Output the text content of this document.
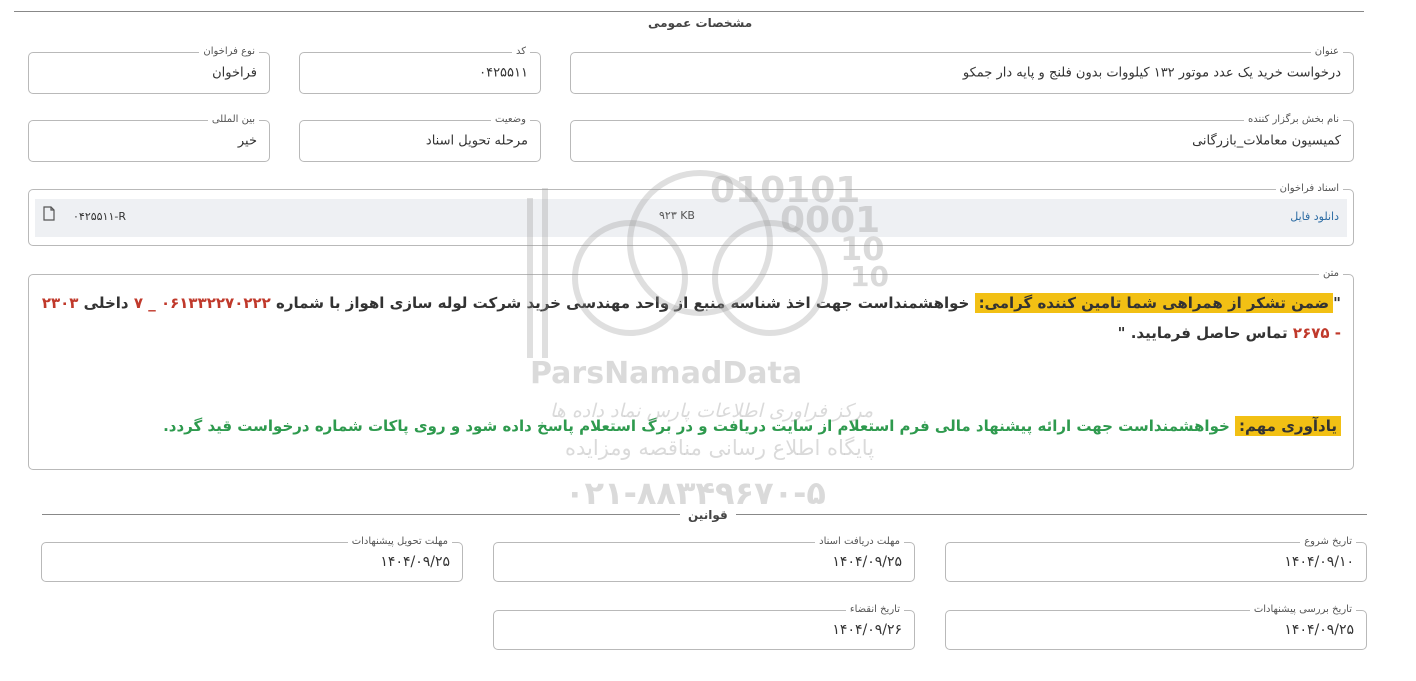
مشخصات عمومی
عنوان
درخواست خرید یک عدد موتور ۱۳۲ کیلووات بدون فلنج و پایه دار جمکو
کد
۰۴۲۵۵۱۱
نوع فراخوان
فراخوان
نام بخش برگزار کننده
کمیسیون معاملات_بازرگانی
وضعیت
مرحله تحویل اسناد
بین المللی
خیر
اسناد فراخوان
دانلود فایل
۹۲۳ KB
۰۴۲۵۵۱۱-R
متن
"ضمن تشکر از همراهی شما تامین کننده گرامی: خواهشمنداست جهت اخذ شناسه منبع از واحد مهندسی خرید شرکت لوله سازی اهواز با شماره ۰۶۱۳۳۲۲۷۰۲۲۲ _ ۷ داخلی ۲۳۰۳ - ۲۶۷۵ تماس حاصل فرمایید. "
یادآوری مهم: خواهشمنداست جهت ارائه پیشنهاد مالی فرم استعلام از سایت دریافت و در برگ استعلام پاسخ داده شود و روی پاکات شماره درخواست قید گردد.
قوانین
تاریخ شروع
۱۴۰۴/۰۹/۱۰
مهلت دریافت اسناد
۱۴۰۴/۰۹/۲۵
مهلت تحویل پیشنهادات
۱۴۰۴/۰۹/۲۵
تاریخ بررسی پیشنهادات
۱۴۰۴/۰۹/۲۵
تاریخ انقضاء
۱۴۰۴/۰۹/۲۶
010101
0001
10
10
ParsNamadData
مرکز فراوری اطلاعات پارس نماد داده ها
پایگاه اطلاع رسانی مناقصه ومزایده
۰۲۱-۸۸۳۴۹۶۷۰-۵
